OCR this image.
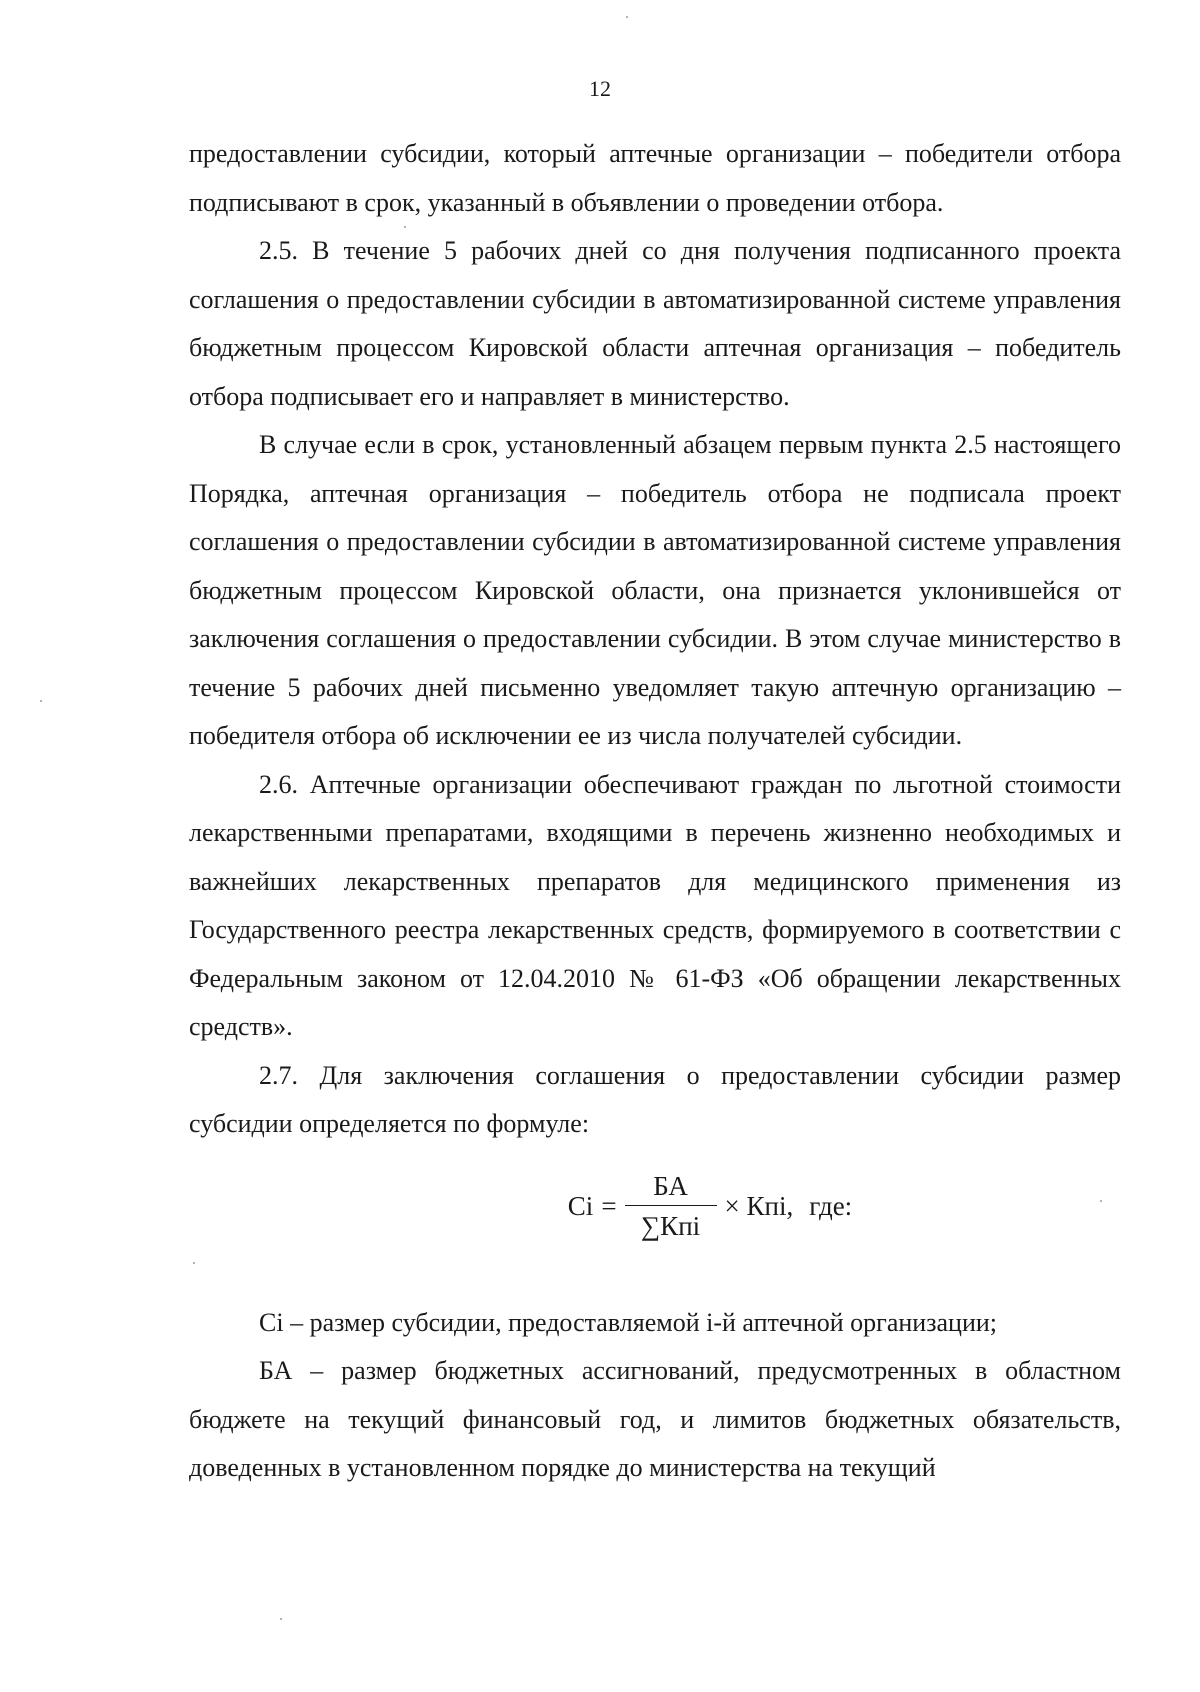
12

предоставлении субсидии, который аптечные организации – победители отбора подписывают в срок, указанный в объявлении о проведении отбора.

2.5. В течение 5 рабочих дней со дня получения подписанного проекта соглашения о предоставлении субсидии в автоматизированной системе управления бюджетным процессом Кировской области аптечная организация – победитель отбора подписывает его и направляет в министерство.

В случае если в срок, установленный абзацем первым пункта 2.5 настоящего Порядка, аптечная организация – победитель отбора не подписала проект соглашения о предоставлении субсидии в автоматизированной системе управления бюджетным процессом Кировской области, она признается уклонившейся от заключения соглашения о предоставлении субсидии. В этом случае министерство в течение 5 рабочих дней письменно уведомляет такую аптечную организацию – победителя отбора об исключении ее из числа получателей субсидии.

2.6. Аптечные организации обеспечивают граждан по льготной стоимости лекарственными препаратами, входящими в перечень жизненно необходимых и важнейших лекарственных препаратов для медицинского применения из Государственного реестра лекарственных средств, формируемого в соответствии с Федеральным законом от 12.04.2010 № 61-ФЗ «Об обращении лекарственных средств».

2.7. Для заключения соглашения о предоставлении субсидии размер субсидии определяется по формуле:

$Ci = \frac{БА}{\text{∑Кпi}}$ × Кпi, где:

Ci – размер субсидии, предоставляемой i-й аптечной организации;

БА – размер бюджетных ассигнований, предусмотренных в областном бюджете на текущий финансовый год, и лимитов бюджетных обязательств, доведенных в установленном порядке до министерства на текущий
